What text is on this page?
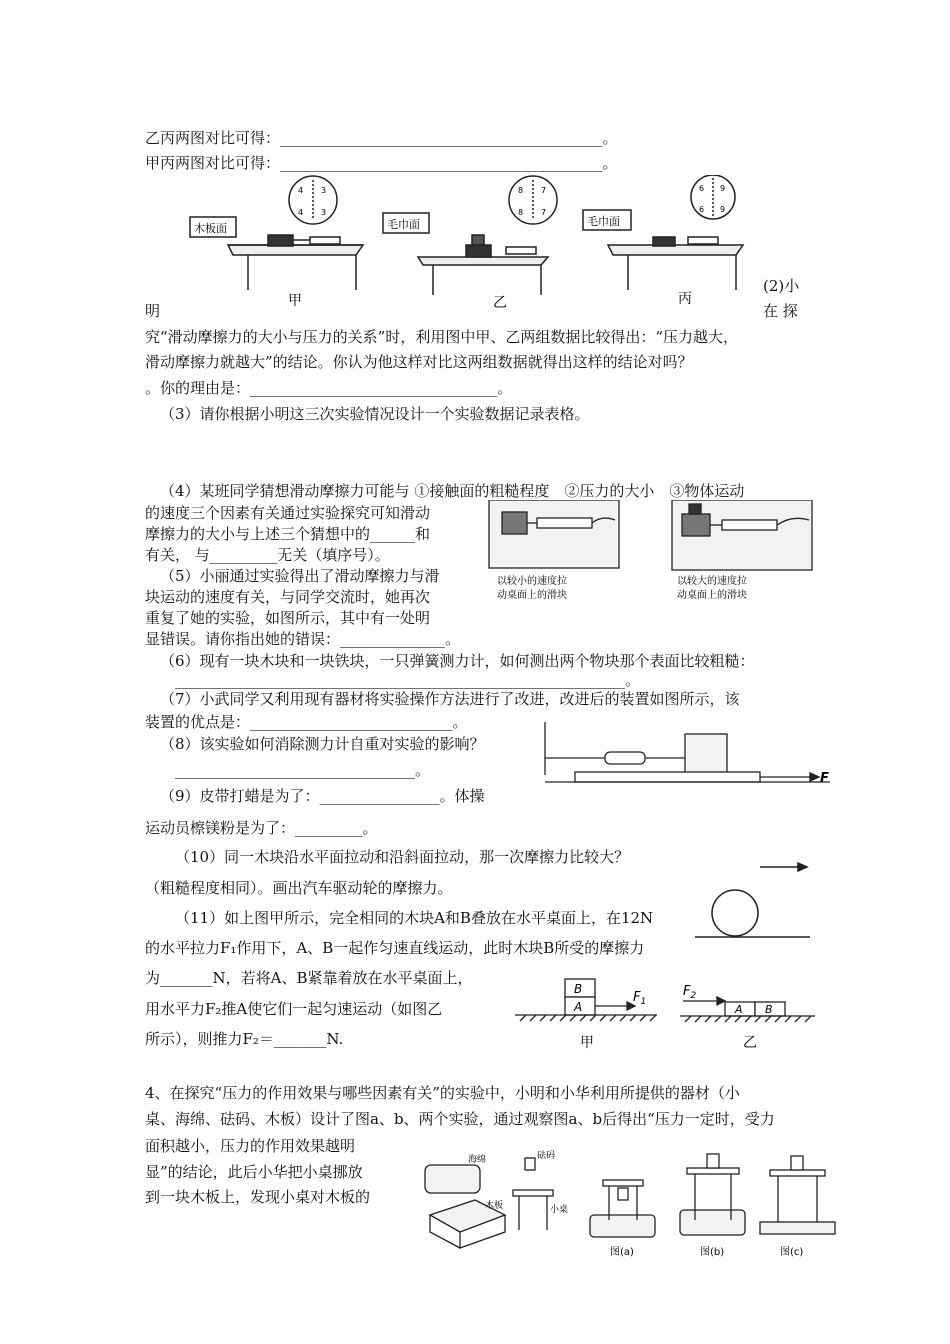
乙丙两图对比可得：___________________________________________。
甲丙两图对比可得：___________________________________________。
木板面	毛巾面	毛巾面
4 3
4 3
8 7
8 7
6 9
6 9
甲	乙	丙
(2)小
明	在 探
究“滑动摩擦力的大小与压力的关系”时，利用图中甲、乙两组数据比较得出：“压力越大，
滑动摩擦力就越大”的结论。你认为他这样对比这两组数据就得出这样的结论对吗？
。你的理由是：_________________________________。
（3）请你根据小明这三次实验情况设计一个实验数据记录表格。
（4）某班同学猜想滑动摩擦力可能与 ①接触面的粗糙程度　②压力的大小　③物体运动
的速度三个因素有关通过实验探究可知滑动
摩擦力的大小与上述三个猜想中的______和
有关， 与_________无关（填序号）。
（5）小丽通过实验得出了滑动摩擦力与滑
块运动的速度有关，与同学交流时，她再次
重复了她的实验，如图所示，其中有一处明
显错误。请你指出她的错误：______________。
以较小的速度拉
动桌面上的滑块
以较大的速度拉
动桌面上的滑块
（6）现有一块木块和一块铁块，一只弹簧测力计，如何测出两个物块那个表面比较粗糙：
____________________________________________________________。
（7）小武同学又利用现有器材将实验操作方法进行了改进，改进后的装置如图所示，该
装置的优点是：___________________________。
（8）该实验如何消除测力计自重对实验的影响？
________________________________。
（9）皮带打蜡是为了：________________。体操
运动员檫镁粉是为了：_________。
F
（10）同一木块沿水平面拉动和沿斜面拉动，那一次摩擦力比较大？
（粗糙程度相同）。画出汽车驱动轮的摩擦力。
（11）如上图甲所示，完全相同的木块A和B叠放在水平桌面上，在12N
的水平拉力F₁作用下，A、B一起作匀速直线运动，此时木块B所受的摩擦力
为_______N，若将A、B紧靠着放在水平桌面上，
用水平力F₂推A使它们一起匀速运动（如图乙
所示），则推力F₂＝_______N.
B
A
$F_1$
甲
$F_2$
A B
乙
4、在探究“压力的作用效果与哪些因素有关”的实验中，小明和小华利用所提供的器材（小
桌、海绵、砝码、木板）设计了图a、b、两个实验，通过观察图a、b后得出“压力一定时，受力
面积越小，压力的作用效果越明
显”的结论，此后小华把小桌挪放
到一块木板上，发现小桌对木板的
海绵	砝码
木板	小桌
图(a)	图(b)	图(c)
